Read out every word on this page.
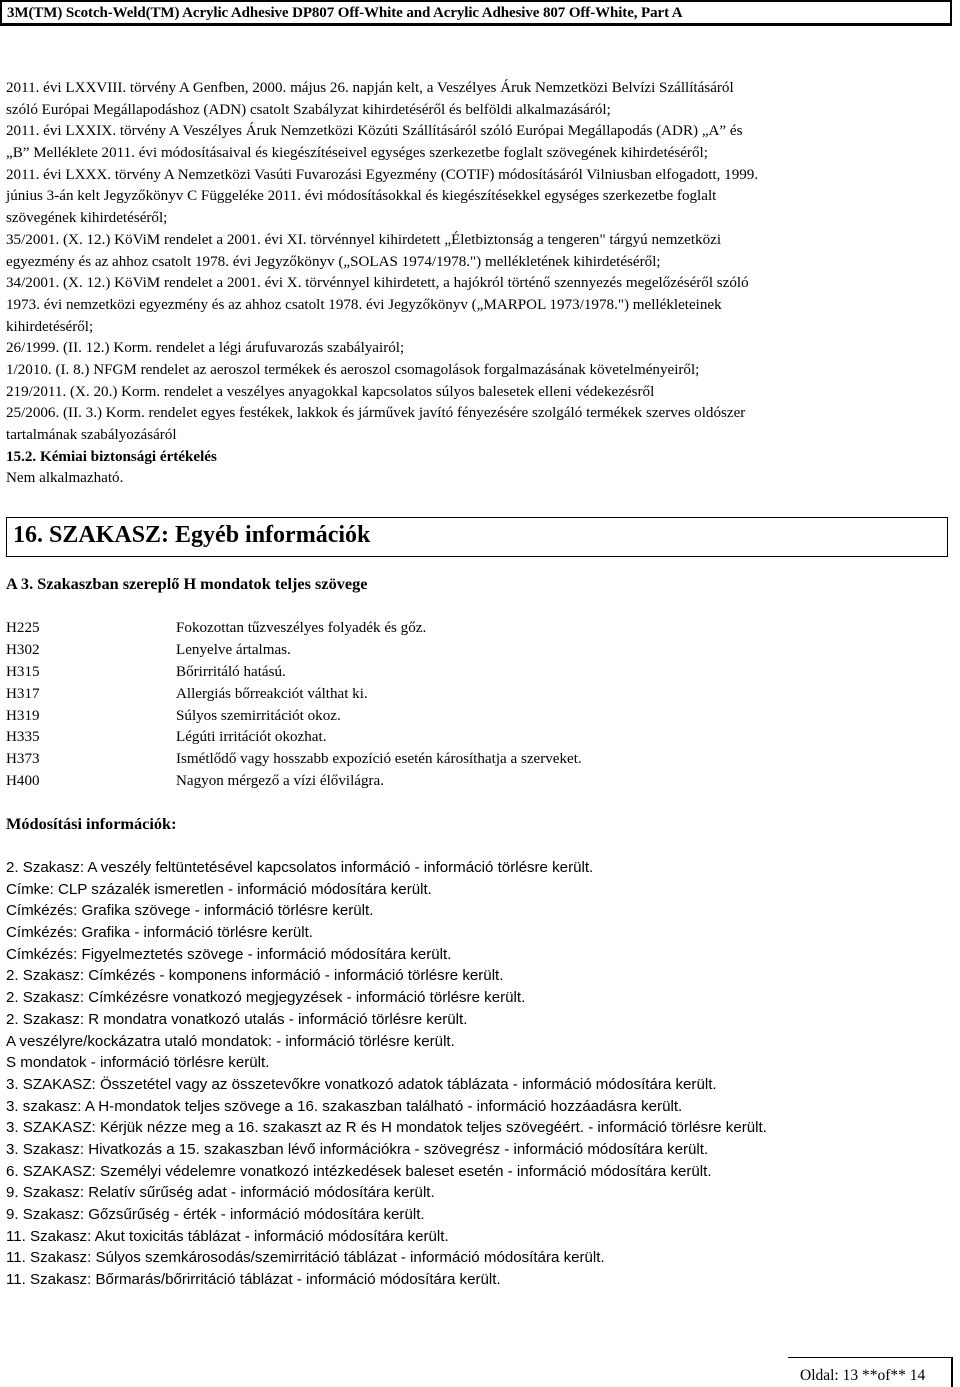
3M(TM) Scotch-Weld(TM) Acrylic Adhesive DP807 Off-White and Acrylic Adhesive 807 Off-White, Part A
2011. évi LXXVIII. törvény A Genfben, 2000. május 26. napján kelt, a Veszélyes Áruk Nemzetközi Belvízi Szállításáról
szóló Európai Megállapodáshoz (ADN) csatolt Szabályzat kihirdetéséről és belföldi alkalmazásáról;
2011. évi LXXIX. törvény A Veszélyes Áruk Nemzetközi Közúti Szállításáról szóló Európai Megállapodás (ADR) „A” és
„B” Melléklete 2011. évi módosításaival és kiegészítéseivel egységes szerkezetbe foglalt szövegének kihirdetéséről;
2011. évi LXXX. törvény A Nemzetközi Vasúti Fuvarozási Egyezmény (COTIF) módosításáról Vilniusban elfogadott, 1999.
június 3-án kelt Jegyzőkönyv C Függeléke 2011. évi módosításokkal és kiegészítésekkel egységes szerkezetbe foglalt
szövegének kihirdetéséről;
35/2001. (X. 12.) KöViM rendelet a 2001. évi XI. törvénnyel kihirdetett „Életbiztonság a tengeren" tárgyú nemzetközi
egyezmény és az ahhoz csatolt 1978. évi Jegyzőkönyv („SOLAS 1974/1978.") mellékletének kihirdetéséről;
34/2001. (X. 12.) KöViM rendelet a 2001. évi X. törvénnyel kihirdetett, a hajókról történő szennyezés megelőzéséről szóló
1973. évi nemzetközi egyezmény és az ahhoz csatolt 1978. évi Jegyzőkönyv („MARPOL 1973/1978.") mellékleteinek
kihirdetéséről;
26/1999. (II. 12.) Korm. rendelet a légi árufuvarozás szabályairól;
1/2010. (I. 8.) NFGM rendelet az aeroszol termékek és aeroszol csomagolások forgalmazásának követelményeiről;
219/2011. (X. 20.) Korm. rendelet a veszélyes anyagokkal kapcsolatos súlyos balesetek elleni védekezésről
25/2006. (II. 3.) Korm. rendelet egyes festékek, lakkok és járművek javító fényezésére szolgáló termékek szerves oldószer
tartalmának szabályozásáról
15.2. Kémiai biztonsági értékelés
Nem alkalmazható.
16. SZAKASZ: Egyéb információk
A 3. Szakaszban szereplő H mondatok teljes szövege
H225	Fokozottan tűzveszélyes folyadék és gőz.
H302	Lenyelve ártalmas.
H315	Bőrirritáló hatású.
H317	Allergiás bőrreakciót válthat ki.
H319	Súlyos szemirritációt okoz.
H335	Légúti irritációt okozhat.
H373	Ismétlődő vagy hosszabb expozíció esetén károsíthatja a szerveket.
H400	Nagyon mérgező a vízi élővilágra.
Módosítási információk:
2. Szakasz: A veszély feltüntetésével kapcsolatos információ - információ törlésre került.
Címke: CLP százalék ismeretlen - információ módosítára került.
Címkézés: Grafika szövege - információ törlésre került.
Címkézés: Grafika - információ törlésre került.
Címkézés: Figyelmeztetés szövege - információ módosítára került.
2. Szakasz: Címkézés - komponens információ - információ törlésre került.
2. Szakasz: Címkézésre vonatkozó megjegyzések - információ törlésre került.
2. Szakasz: R mondatra vonatkozó utalás - információ törlésre került.
A veszélyre/kockázatra utaló mondatok: - információ törlésre került.
S mondatok - információ törlésre került.
3. SZAKASZ: Összetétel vagy az összetevőkre vonatkozó adatok táblázata - információ módosítára került.
3. szakasz: A H-mondatok teljes szövege a 16. szakaszban található - információ hozzáadásra került.
3. SZAKASZ: Kérjük nézze meg a 16. szakaszt az R és H mondatok teljes szövegéért. - információ törlésre került.
3. Szakasz: Hivatkozás a 15. szakaszban lévő információkra - szövegrész - információ módosítára került.
6. SZAKASZ: Személyi védelemre vonatkozó intézkedések baleset esetén - információ módosítára került.
9. Szakasz: Relatív sűrűség adat - információ módosítára került.
9. Szakasz: Gőzsűrűség - érték - információ módosítára került.
11. Szakasz: Akut toxicitás táblázat - információ módosítára került.
11. Szakasz: Súlyos szemkárosodás/szemirritáció táblázat - információ módosítára került.
11. Szakasz: Bőrmarás/bőrirritáció táblázat - információ módosítára került.
Oldal: 13 **of** 14
